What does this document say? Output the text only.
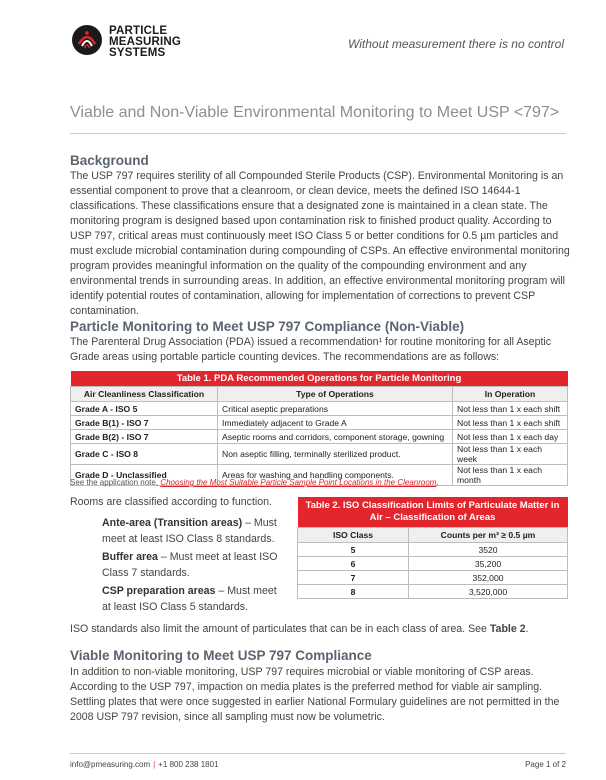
PARTICLE
MEASURING
SYSTEMS
Without measurement there is no control
Viable and Non-Viable Environmental Monitoring to Meet USP <797>
Background

The USP 797 requires sterility of all Compounded Sterile Products (CSP). Environmental Monitoring is an essential component to prove that a cleanroom, or clean device, meets the defined ISO 14644-1 classifications. These classifications ensure that a designated zone is maintained in a clean state. The monitoring program is designed based upon contamination risk to finished product quality. According to USP 797, critical areas must continuously meet ISO Class 5 or better conditions for 0.5 µm particles and must exclude microbial contamination during compounding of CSPs. An effective environmental monitoring program provides meaningful information on the quality of the compounding environment and any environmental trends in surrounding areas. In addition, an effective environmental monitoring program will identify potential routes of contamination, allowing for implementation of corrections to prevent CSP contamination.

Particle Monitoring to Meet USP 797 Compliance (Non-Viable)

The Parenteral Drug Association (PDA) issued a recommendation¹ for routine monitoring for all Aseptic Grade areas using portable particle counting devices. The recommendations are as follows:

Table 1. PDA Recommended Operations for Particle Monitoring		
Air Cleanliness Classification	Type of Operations	In Operation
Grade A - ISO 5	Critical aseptic preparations	Not less than 1 x each shift
Grade B(1) - ISO 7	Immediately adjacent to Grade A	Not less than 1 x each shift
Grade B(2) - ISO 7	Aseptic rooms and corridors, component storage, gowning	Not less than 1 x each day
Grade C - ISO 8	Non aseptic filling, terminally sterilized product.	Not less than 1 x each week
Grade D - Unclassified	Areas for washing and handling components.	Not less than 1 x each month
See the application note, Choosing the Most Suitable Particle Sample Point Locations in the Cleanroom.
Rooms are classified according to function.
Ante-area (Transition areas) – Must meet at least ISO Class 8 standards.
Buffer area – Must meet at least ISO Class 7 standards.
CSP preparation areas – Must meet at least ISO Class 5 standards.
Table 2. ISO Classification Limits of Particulate Matter in Air – Classification of Areas	
ISO Class	Counts per m³ ≥ 0.5 µm
5	3520
6	35,200
7	352,000
8	3,520,000

ISO standards also limit the amount of particulates that can be in each class of area. See Table 2.

Viable Monitoring to Meet USP 797 Compliance

In addition to non-viable monitoring, USP 797 requires microbial or viable monitoring of CSP areas. According to the USP 797, impaction on media plates is the preferred method for viable air sampling. Settling plates that were once suggested in earlier National Formulary guidelines are not permitted in the 2008 USP 797 revision, since all sampling must now be volumetric.

info@pmeasuring.com | +1 800 238 1801	Page 1 of 2
